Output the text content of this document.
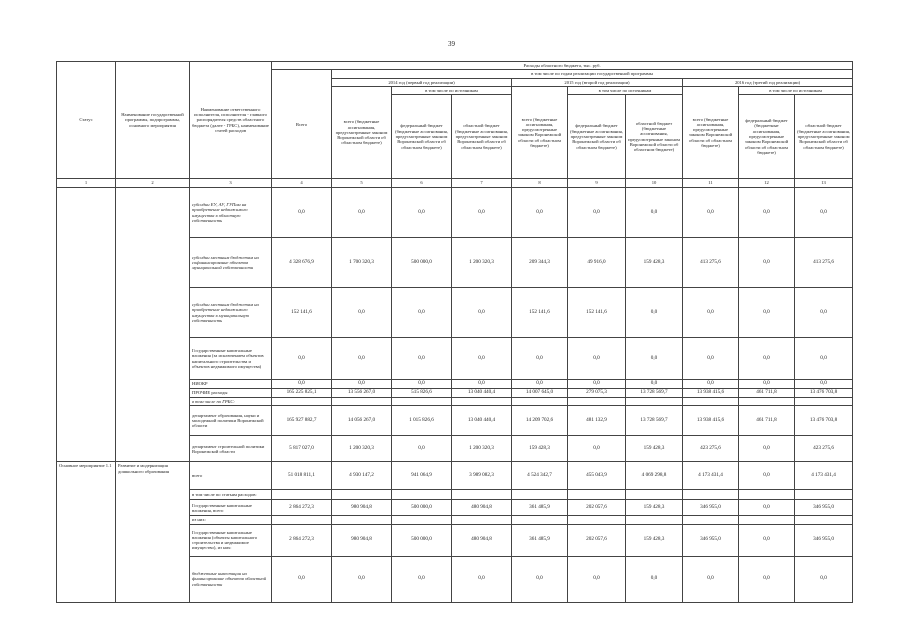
39
Статус	Наименование государственной программы, подпрограммы, основного мероприятия	Наименование ответственного исполнителя, исполнителя - главного распорядителя средств областного бюджета (далее - ГРБС), наименование статей расходов	Расходы областного бюджета, тыс. руб.									
			Всего	в том числе по годам реализации государственной программы								
				2014 год (первый год реализации)			2015 год (второй год реализации)			2016 год (третий год реализации)		
				всего (бюджетные ассигнования, предусмотренные законом Воронежской области об областном бюджете)	в том числе по источникам		всего (бюджетные ассигнования, предусмотренные законом Воронежской области об областном бюджете)	в том числе по источникам		всего (бюджетные ассигнования, предусмотренные законом Воронежской области об областном бюджете)	в том числе по источникам	
					федеральный бюджет (бюджетные ассигнования, предусмотренные законом Воронежской области об областном бюджете)	областной бюджет (бюджетные ассигнования, предусмотренные законом Воронежской области об областном бюджете)		федеральный бюджет (бюджетные ассигнования, предусмотренные законом Воронежской области об областном бюджете)	областной бюджет (бюджетные ассигнования, предусмотренные законом Воронежской области об областном бюджете)		федеральный бюджет (бюджетные ассигнования, предусмотренные законом Воронежской области об областном бюджете)	областной бюджет (бюджетные ассигнования, предусмотренные законом Воронежской области об областном бюджете)
1	2	3	4	5	6	7	8	9	10	11	12	13
		субсидии ЕУ, АУ, ГУПам на приобретение недвижимого имущества в областную собственность	0,0	0,0	0,0	0,0	0,0	0,0	0,0	0,0	0,0	0,0
		субсидии местным бюджетам на софинансирование объектов муниципальной собственности	4 328 676,9	1 700 320,3	500 000,0	1 200 320,3	209 344,3	49 916,0	159 428,3	413 275,6	0,0	413 275,6
		субсидии местным бюджетам на приобретение недвижимого имущества в муниципальную собственность	152 141,6	0,0	0,0	0,0	152 141,6	152 141,6	0,0	0,0	0,0	0,0
		Государственные капитальные вложения (за исключением объектов капитального строительства и объектов недвижимого имущества)	0,0	0,0	0,0	0,0	0,0	0,0	0,0	0,0	0,0	0,0
		НИОКР	0,0	0,0	0,0	0,0	0,0	0,0	0,0	0,0	0,0	0,0
		ПРОЧИЕ расходы	165 225 825,1	13 556 267,0	515 826,6	13 040 440,4	14 007 645,0	279 075,3	13 728 569,7	13 938 415,6	461 711,8	13 476 703,8
		в том числе по ГРБС:										
		департамент образования, науки и молодежной политики Воронежской области	165 927 882,7	14 056 267,0	1 015 826,6	13 040 440,4	14 209 702,6	481 132,9	13 728 569,7	13 938 415,6	461 711,8	13 476 703,8
		департамент строительной политики Воронежской области	5 817 027,0	1 200 320,3	0,0	1 200 320,3	159 428,3	0,0	159 428,3	423 275,6	0,0	423 275,6
Основное мероприятие 1.1	Развитие и модернизация дошкольного образования	всего	51 018 811,1	4 930 147,2	941 064,9	3 989 082,3	4 524 342,7	455 043,9	4 069 298,8	4 173 431,4	0,0	4 173 431,4
		в том числе по статьям расходов:										
		Государственные капитальные вложения, всего	2 864 272,3	980 904,8	500 000,0	480 904,8	361 485,9	202 057,6	159 428,3	346 955,0	0,0	346 955,0
		из них:										
		Государственные капитальные вложения (объекты капитального строительства и недвижимое имущество), из них:	2 864 272,3	980 904,8	500 000,0	480 904,8	361 485,9	202 057,6	159 428,3	346 955,0	0,0	346 955,0
		бюджетные инвестиции на финансирование объектов областной собственности	0,0	0,0	0,0	0,0	0,0	0,0	0,0	0,0	0,0	0,0
